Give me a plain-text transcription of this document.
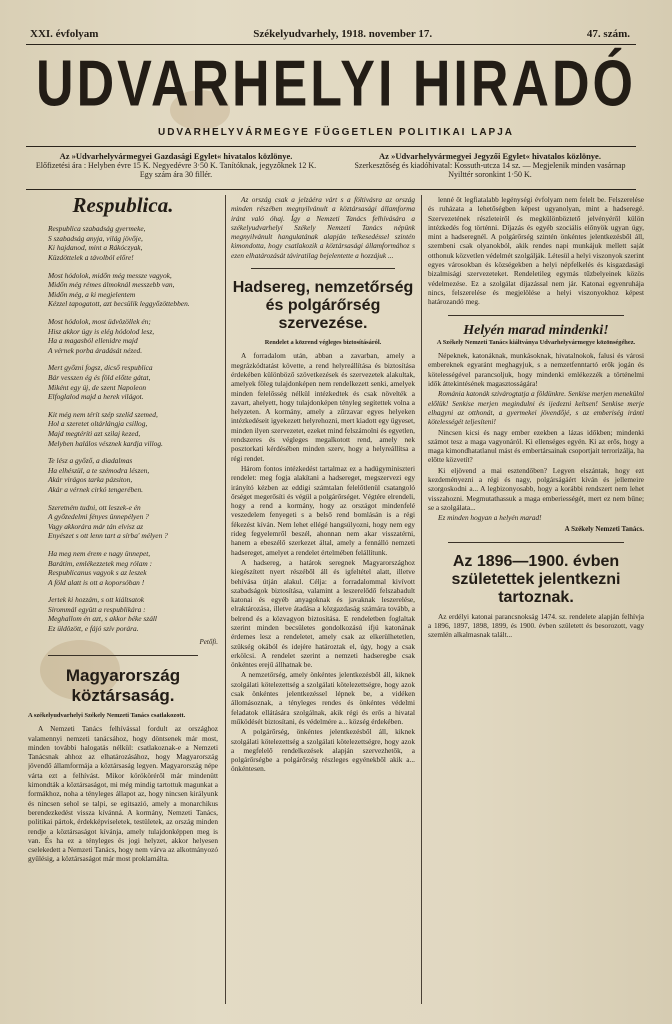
XXI. évfolyam	Székelyudvarhely, 1918. november 17.	47. szám.
UDVARHELYI HIRADÓ
UDVARHELYVÁRMEGYE FÜGGETLEN POLITIKAI LAPJA
Az »Udvarhelyvármegyei Gazdasági Egylet« hivatalos közlönye.
Előfizetési ára : Helyben évre 15 K. Negyedévre 3·50 K. Tanítóknak, jegyzőknek 12 K.
Egy szám ára 30 fillér.
Az »Udvarhelyvármegyei Jegyzői Egylet« hivatalos közlönye.
Szerkesztőség és kiadóhivatal: Kossuth-utcza 14 sz. — Megjelenik minden vasárnap
Nyilttér soronkint 1·50 K.
Respublica.
Respublica szabadság gyermeke,
S szabadság anyja, világ jövője,
Ki hajdanod, mint a Rákóczyak,
Küzdöttelek a távolból előre!
Most hódolok, midőn még messze vagyok,
Midőn még rémes álmoknál messzebb van,
Midőn még, a ki megjelentem
Kézzel tapogatott, azt becsülik leggyőzöttebben.
Most hódolok, most üdvözöllek én;
Hisz akkor úgy is elég hódolod lesz,
Ha a magasból ellenidre majd
A vérnek porba áradását nézed.
Mert győzni fogsz, dicső respublica
Bár vesszen ég és föld előtte gátat,
Miként egy új, de szent Napoleon
Elfoglalod majd a herek világot.
Kit még nem térít szép szelíd szemed,
Hol a szeretet oltárlángja csillog,
Majd megtéríti azt szilaj kezed,
Melyben halálos vésznek kardja villog.
Te lész a győző, a diadalmas
Ha elhészül, a te szémodra lészen,
Akár virágos tarka pázsiton,
Akár a vérnek cirkó tengerében.
Szeretném tudni, ott leszek-e én
A győzedelmi fényes ünnepélyen ?
Vagy akkorára már tán elvisz az
Enyészet s ott lenn tart a sírba' mélyen ?
Ha meg nem érem e nagy ünnepet,
Barátim, emlékezzetek meg rólam :
Respublicanus vagyok s az leszek
A föld alatt is ott a koporsóban !
Jertek ki hozzám, s ott kiáltsatok
Sirommál együtt a respublikára :
Meghallom én azt, s akkor béke száll
Ez üldözött, e fájó szív porára.
Petőfi.
Magyarország köztársaság.
A székelyudvarhelyi Székely Nemzeti Tanács csatlakozott.
A Nemzeti Tanács felhívással fordult az országhoz valamennyi nemzeti tanácsához, hogy döntsenek már most, minden további halogatás nélkül: csatlakoznak-e a Nemzeti Tanácsnak ahhoz az elhatározásához, hogy Magyarország jövendő államformája a köztársaság legyen. Magyarország népe várta ezt a felhívást. Mikor körököréről már mindenütt kimondták a köztársaságot, mi még mindig tartottuk magunkat a formákhoz, noha a tényleges állapot az, hogy nincsen királyunk és nincsen sehol se talpi, se egitsazió, amely a monarchikus berendezkedést vissza kívánná. A kormány, Nemzeti Tanács, politikai pártok, érdekképviseletek, testületek, az ország minden rendje a köztársaságot kívánja, amely tulajdonképpen meg is van. És ha ez a tényleges és jogi helyzet, akkor helyesen cselekedett a Nemzeti Tanács, hogy nem várva az alkotmányozó gyűlésig, a köztársaságot már most proklamálta.
Az ország csak a jelzáéra várt s a föltivásra az ország minden részében megnyilvánult a köztársasági államforma iránt való óhaj. Így a Nemzeti Tanács felhívására a székelyudvarhelyi Székely Nemzeti Tanács népünk megnyilvánult hangulatának alapján telkesedéssel szintén kimondotta, hogy csatlakozik a köztársasági államformához s ezen elhatározását táviratilag bejelentette a hozzájuk ...
Hadsereg, nemzetőrség és polgárőrség szervezése.
Rendelet a közrend végleges biztosításáról.
A forradalom után, abban a zavarban, amely a megrázkódtatást követte, a rend helyreállítása és biztosítása érdekében különböző szövetkezések és szervezetek alakultak, amelyek főleg tulajdonképen nem rendelkezett senki, amelyek minden felelősség nélkül intézkedtek és csak növelték a zavart, ahelyett, hogy tulajdonképen tényleg segítettek volna a helyzeten. A kormány, amely a zűrzavar egyes helyeken intézkedéseit igyekezett helyrehozni, mert kiadott egy ügyeset, minden ilyen szervezetet, ezeket mind felszámolni és egyetlen, rendszeres és végleges megalkotott rend, amely nek posztorkati kérdésében minden szerv, hogy a helyreállítsa a régi rendet.
Három fontos intézkedést tartalmaz ez a hadügyminiszteri rendelet: meg fogja alakítani a hadsereget, megszervezi egy irányító kézben az eddigi számtalan felelőtlenül csatangoló őrséget megerősíti és végül a polgárőrséget. Végtére elrendeli, hogy a rend a kormány, hogy az országot mindenfelé veszedelem fenyegeti s a belső rend bomlásán is a régi fékezést kíván. Nem lehet ellégé hangsúlyozni, hogy nem egy rideg fegyelemről beszél, ahonnan nem akar visszatérni, hanem a ebeszélő szerkezet által, amely a fennálló nemzeti hadsereget, amelyet a rendelet értelmében felállítunk.
A hadsereg, a határok seregnek Magyarországhoz kiegészített nyert részéből áll és igfeltétel alatt, illetve behívása útján alakul. Célja: a forradalommal kivívott szabadságok biztosítása, valamint a leszerelődő felszabadult katonai és egyéb anyagoknak és javaknak leszerelése, elraktározása, illetve átadása a közgazdaság számára tovább, a belrend és a közvagyon biztosítása. E rendeletben foglaltak szerint minden becsületes gondolkozású ifjú katonának érdemes lesz a rendeletet, amely csak az elkerülhetetlen, szükség okából és idejére határoztak el, úgy, hogy a csak erkölcsi. A rendelet szerint a nemzeti hadseregbe csak önkéntes erejű állhatnak be.
A nemzetőrség, amely önkéntes jelentkezésből áll, kiknek szolgálati kötelezettség a szolgálati kötelezettségre, hogy azok csak önkéntes jelentkezéssel lépnek be, a vidéken állomásoznak, a tényleges rendes és önkéntes védelmi feladatok ellátására szolgálnak, akik régi és erős a hivatal működését biztosítani, és védelmére a... község érdekében.
A polgárőrség, önkéntes jelentkezésből áll, kiknek szolgálati kötelezettség a szolgálati kötelezettségre, hogy azok a megfelelő rendelkezések alapján szervezhetők, a polgárőrségbe a polgárőrség részleges egyénekből akik a... önkéntesen.
lenné őt legfiatalabb legénységi évfolyam nem felelt be. Felszerelése és ruházata a lehetőségben képest ugyanolyan, mint a hadseregé. Szervezetének részleteiről és megkülönböztető jelvényéről külön intézkedés fog történni. Díjazás és egyéb szociális előnyök ugyan úgy, mint a hadseregnél. A polgárőrség szintén önkéntes jelentkezésből áll, szembeni csak olyanokból, akik rendes napi munkájuk mellett saját otthonuk közvetlen védelmét szolgálják. Létesül a helyi viszonyok szerint egyes városokban és községekben a helyi népfelkelés és kisgazdasági bizalmisági szervezeteket. Rendeletileg egymás tűzbelyeinek közös védelmezése. Ez a szolgálat díjazással nem jár. Katonai egyenruhája nincs, felszerelése és megjelölése a helyi viszonyokhoz képest határozandó meg.
Helyén marad mindenki!
A Székely Nemzeti Tanács kiáltványa Udvarhelyvármegye közönségéhez.
Népeknek, katonáknak, munkásoknak, hivatalnokok, falusi és városi embereknek egyaránt meghagyjuk, s a nemzetfenntartó erők jogán és kötelességével parancsoljuk, hogy mindenki emlékezzék a történelmi idők áttekintésének magasztosságára!
Románia katonák szivárogtatja a földünkre. Senkise merjen menekülni előlük! Senkise merjen megindulni és ijedezni keltsen! Senkise merje elhagyni az otthonát, a gyermekei jövendőjé, s az emberiség iránti kötelességét teljesíteni!
Nincsen kicsi és nagy ember ezekben a lázas időkben; mindenki számot tesz a maga vagyonáról. Ki ellenséges egyén. Ki az erős, hogy a maga kimondhatatlanul mást és embertársainak csoportjait terrorizálja, ha előtte közvetít?
Ki eljövend a mai esztendőben? Legyen elszántak, hogy ezt kezdeményezni a régi és nagy, polgárságáért kíván és jellemeire szorgoskodni a... A legbizonyosabb, hogy a korábbi rendszert nem lehet visszahozni. Megmutathassuk a maga emberiességét, mert ez nem bűne; se a szolgálata...
Ez minden hogyan a helyén marad!
A Székely Nemzeti Tanács.
Az 1896—1900. évben születettek jelentkezni tartoznak.
Az erdélyi katonai parancsnokság 1474. sz. rendelete alapján felhívja a 1896, 1897, 1898, 1899, és 1900. évben született és besorozott, vagy szemlén alkalmasnak talált...
